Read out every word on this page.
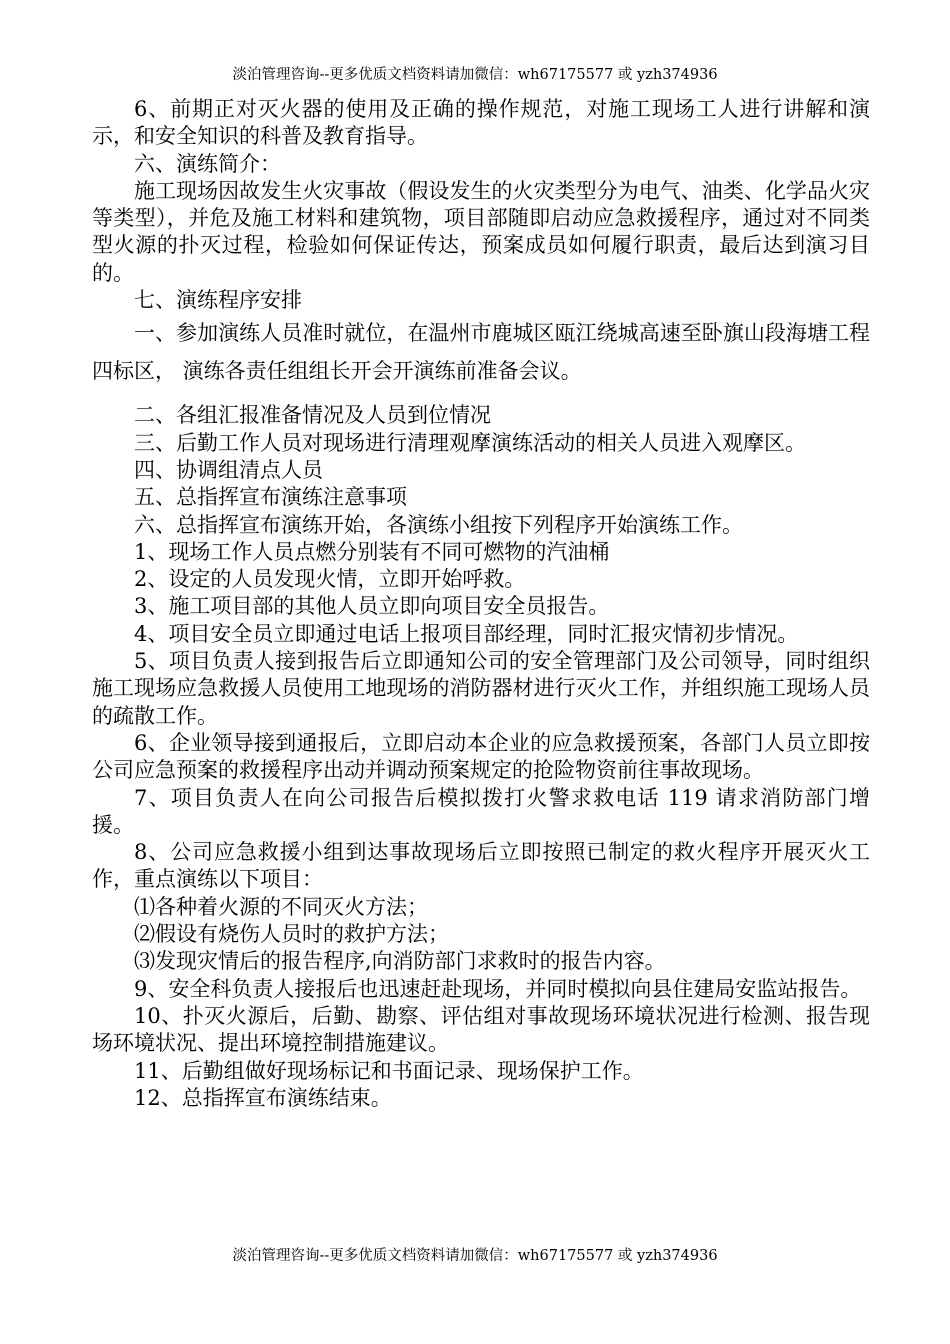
淡泊管理咨询--更多优质文档资料请加微信：wh67175577 或 yzh374936

6、前期正对灭火器的使用及正确的操作规范，对施工现场工人进行讲解和演示，和安全知识的科普及教育指导。

六、演练简介：

施工现场因故发生火灾事故（假设发生的火灾类型分为电气、油类、化学品火灾等类型），并危及施工材料和建筑物，项目部随即启动应急救援程序，通过对不同类型火源的扑灭过程，检验如何保证传达，预案成员如何履行职责，最后达到演习目的。

七、演练程序安排

一、参加演练人员准时就位，在温州市鹿城区瓯江绕城高速至卧旗山段海塘工程四标区， 演练各责任组组长开会开演练前准备会议。

二、各组汇报准备情况及人员到位情况

三、后勤工作人员对现场进行清理观摩演练活动的相关人员进入观摩区。

四、协调组清点人员

五、总指挥宣布演练注意事项

六、总指挥宣布演练开始，各演练小组按下列程序开始演练工作。

1、现场工作人员点燃分别装有不同可燃物的汽油桶

2、设定的人员发现火情，立即开始呼救。

3、施工项目部的其他人员立即向项目安全员报告。

4、项目安全员立即通过电话上报项目部经理，同时汇报灾情初步情况。

5、项目负责人接到报告后立即通知公司的安全管理部门及公司领导，同时组织施工现场应急救援人员使用工地现场的消防器材进行灭火工作，并组织施工现场人员的疏散工作。

6、企业领导接到通报后，立即启动本企业的应急救援预案，各部门人员立即按公司应急预案的救援程序出动并调动预案规定的抢险物资前往事故现场。

7、项目负责人在向公司报告后模拟拨打火警求救电话 119 请求消防部门增援。

8、公司应急救援小组到达事故现场后立即按照已制定的救火程序开展灭火工作，重点演练以下项目：

⑴各种着火源的不同灭火方法；

⑵假设有烧伤人员时的救护方法；

⑶发现灾情后的报告程序,向消防部门求救时的报告内容。

9、安全科负责人接报后也迅速赶赴现场，并同时模拟向县住建局安监站报告。

10、扑灭火源后，后勤、勘察、评估组对事故现场环境状况进行检测、报告现场环境状况、提出环境控制措施建议。

11、后勤组做好现场标记和书面记录、现场保护工作。

12、总指挥宣布演练结束。

淡泊管理咨询--更多优质文档资料请加微信：wh67175577 或 yzh374936
